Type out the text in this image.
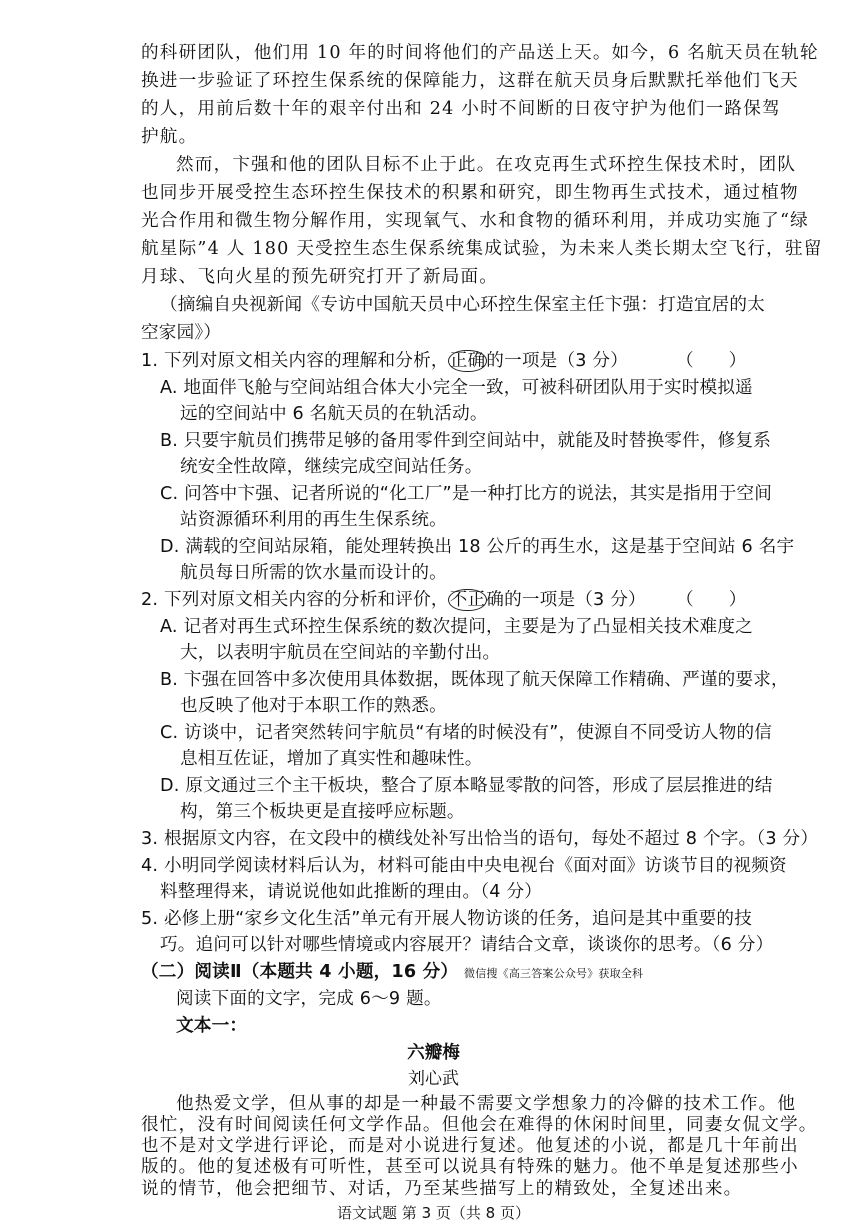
的科研团队，他们用 10 年的时间将他们的产品送上天。如今，6 名航天员在轨轮
换进一步验证了环控生保系统的保障能力，这群在航天员身后默默托举他们飞天
的人，用前后数十年的艰辛付出和 24 小时不间断的日夜守护为他们一路保驾
护航。
然而，卞强和他的团队目标不止于此。在攻克再生式环控生保技术时，团队
也同步开展受控生态环控生保技术的积累和研究，即生物再生式技术，通过植物
光合作用和微生物分解作用，实现氧气、水和食物的循环利用，并成功实施了“绿
航星际”4 人 180 天受控生态生保系统集成试验，为未来人类长期太空飞行，驻留
月球、飞向火星的预先研究打开了新局面。
（摘编自央视新闻《专访中国航天员中心环控生保室主任卞强：打造宜居的太
空家园》）
1. 下列对原文相关内容的理解和分析，正确的一项是（3 分）	（　　）
A. 地面伴飞舱与空间站组合体大小完全一致，可被科研团队用于实时模拟遥
远的空间站中 6 名航天员的在轨活动。
B. 只要宇航员们携带足够的备用零件到空间站中，就能及时替换零件，修复系
统安全性故障，继续完成空间站任务。
C. 问答中卞强、记者所说的“化工厂”是一种打比方的说法，其实是指用于空间
站资源循环利用的再生生保系统。
D. 满载的空间站尿箱，能处理转换出 18 公斤的再生水，这是基于空间站 6 名宇
航员每日所需的饮水量而设计的。
2. 下列对原文相关内容的分析和评价，不正确的一项是（3 分） （　　）
A. 记者对再生式环控生保系统的数次提问，主要是为了凸显相关技术难度之
大，以表明宇航员在空间站的辛勤付出。
B. 卞强在回答中多次使用具体数据，既体现了航天保障工作精确、严谨的要求，
也反映了他对于本职工作的熟悉。
C. 访谈中，记者突然转问宇航员“有堵的时候没有”，使源自不同受访人物的信
息相互佐证，增加了真实性和趣味性。
D. 原文通过三个主干板块，整合了原本略显零散的问答，形成了层层推进的结
构，第三个板块更是直接呼应标题。
3. 根据原文内容，在文段中的横线处补写出恰当的语句，每处不超过 8 个字。（3 分）
4. 小明同学阅读材料后认为，材料可能由中央电视台《面对面》访谈节目的视频资
料整理得来，请说说他如此推断的理由。（4 分）
5. 必修上册“家乡文化生活”单元有开展人物访谈的任务，追问是其中重要的技
巧。追问可以针对哪些情境或内容展开？请结合文章，谈谈你的思考。（6 分）
（二）阅读Ⅱ（本题共 4 小题，16 分） 微信搜《高三答案公众号》获取全科
阅读下面的文字，完成 6～9 题。
文本一：
六瓣梅
刘心武
他热爱文学，但从事的却是一种最不需要文学想象力的冷僻的技术工作。他
很忙，没有时间阅读任何文学作品。但他会在难得的休闲时间里，同妻女侃文学。
也不是对文学进行评论，而是对小说进行复述。他复述的小说，都是几十年前出
版的。他的复述极有可听性，甚至可以说具有特殊的魅力。他不单是复述那些小
语文试题 第 3 页（共 8 页）
说的情节，他会把细节、对话，乃至某些描写上的精致处，全复述出来。
